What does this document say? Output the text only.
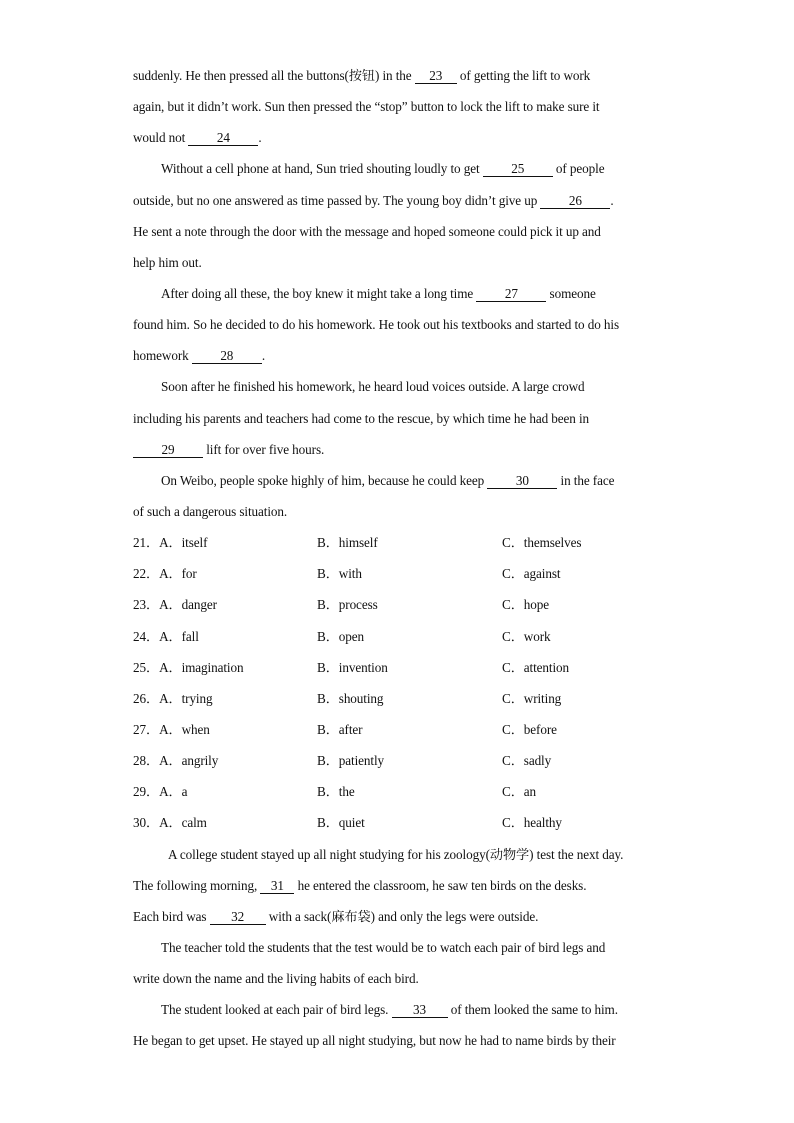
suddenly. He then pressed all the buttons(按钮) in the 23 of getting the lift to work
again, but it didn’t work. Sun then pressed the “stop” button to lock the lift to make sure it
would not 24 .
Without a cell phone at hand, Sun tried shouting loudly to get 25 of people
outside, but no one answered as time passed by. The young boy didn’t give up 26 .
He sent a note through the door with the message and hoped someone could pick it up and
help him out.
After doing all these, the boy knew it might take a long time 27 someone
found him. So he decided to do his homework. He took out his textbooks and started to do his
homework 28 .
Soon after he finished his homework, he heard loud voices outside. A large crowd
including his parents and teachers had come to the rescue, by which time he had been in
29 lift for over five hours.
On Weibo, people spoke highly of him, because he could keep 30 in the face
of such a dangerous situation.
21．A．itself	B．himself	C．themselves
22．A．for	B．with	C．against
23．A．danger	B．process	C．hope
24．A．fall	B．open	C．work
25．A．imagination	B．invention	C．attention
26．A．trying	B．shouting	C．writing
27．A．when	B．after	C．before
28．A．angrily	B．patiently	C．sadly
29．A．a	B．the	C．an
30．A．calm	B．quiet	C．healthy
A college student stayed up all night studying for his zoology(动物学) test the next day.
The following morning, 31 he entered the classroom, he saw ten birds on the desks.
Each bird was 32 with a sack(麻布袋) and only the legs were outside.
The teacher told the students that the test would be to watch each pair of bird legs and
write down the name and the living habits of each bird.
The student looked at each pair of bird legs. 33 of them looked the same to him.
He began to get upset. He stayed up all night studying, but now he had to name birds by their
